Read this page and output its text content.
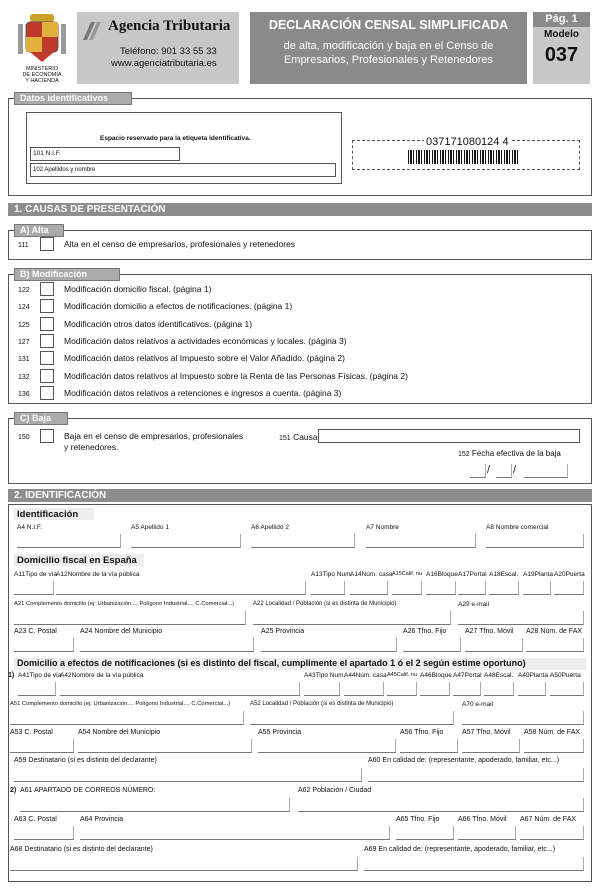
MINISTERIO
DE ECONOMÍA
Y HACIENDA
Agencia Tributaria
Teléfono: 901 33 55 33
www.agenciatributaria.es
DECLARACIÓN CENSAL SIMPLIFICADA
de alta, modificación y baja en el Censo de
Empresarios, Profesionales y Retenedores
Pág. 1
Modelo
037
Datos identificativos
Espacio reservado para la etiqueta identificativa.
101 N.I.F.
102 Apellidos y nombre
037171080124 4
1. CAUSAS DE PRESENTACIÓN
A) Alta
111	Alta en el censo de empresarios, profesionales y retenedores
B) Modificación
122	Modificación domicilio fiscal. (página 1)
124	Modificación domicilio a efectos de notificaciones. (página 1)
125	Modificación otros datos identificativos. (página 1)
127	Modificación datos relativos a actividades económicas y locales. (página 3)
131	Modificación datos relativos al Impuesto sobre el Valor Añadido. (página 2)
132	Modificación datos relativos al Impuesto sobre la Renta de las Personas Físicas. (página 2)
136	Modificación datos relativos a retenciones e ingresos a cuenta. (página 3)
C) Baja
150	Baja en el censo de empresarios, profesionales
y retenedores.
151 Causa
152 Fecha efectiva de la baja
/ /
2. IDENTIFICACIÓN
Identificación
A4 N.I.F.	A5 Apellido 1	A6 Apellido 2	A7 Nombre	A8 Nombre comercial
Domicilio fiscal en España
A11Tipo de vía A12Nombre de la vía pública	A13Tipo Num.
A14Núm. casa A15Calif. nu A16Bloque A17Portal A18Escal. A19Planta A20Puerta
A21 Complemento domicilio (ej: Urbanización..., Polígono Industrial..., C.Comercial...)	A22 Localidad / Población (si es distinta de Municipio)	A29 e-mail
A23 C. Postal	A24 Nombre del Municipio	A25 Provincia	A26 Tfno. Fijo	A27 Tfno. Móvil A28 Núm. de FAX
Domicilio a efectos de notificaciones (si es distinto del fiscal, cumplimente el apartado 1 ó el 2 según estime oportuno)
1) A41Tipo de vía
A42Nombre de la vía pública	A43Tipo Num.
A44Núm. casa A45Calif. nu A46Bloque A47Portal A48Escal. A49Planta A50Puerta
A51 Complemento domicilio (ej: Urbanización..., Polígono Industrial..., C.Comercial...)	A52 Localidad / Población (si es distinta de Municipio)	A70 e-mail
A53 C. Postal	A54 Nombre del Municipio	A55 Provincia	A56 Tfno. Fijo	A57 Tfno. Móvil A58 Núm. de FAX
A59 Destinatario (si es distinto del declarante)	A60 En calidad de: (representante, apoderado, familiar, etc...)
2) A61 APARTADO DE CORREOS NÚMERO:	A62 Población / Ciudad
A63 C. Postal	A64 Provincia	A65 Tfno. Fijo	A66 Tfno. Móvil A67 Núm. de FAX
A68 Destinatario (si es distinto del declarante)	A69 En calidad de: (representante, apoderado, familiar, etc...)
